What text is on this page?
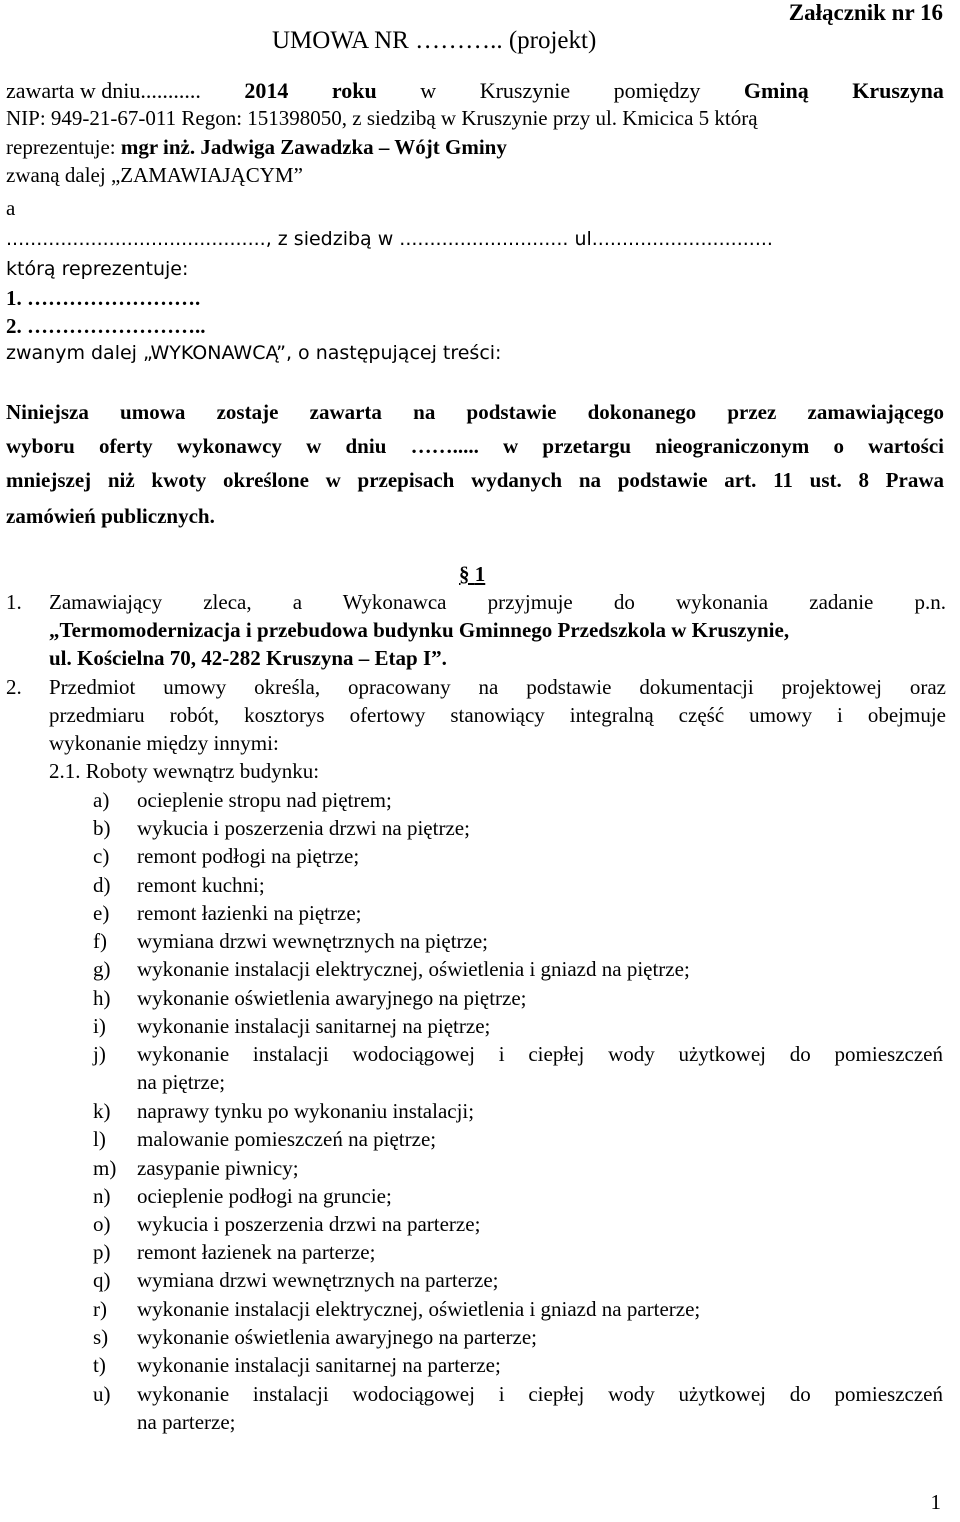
Załącznik nr 16
UMOWA NR ……….. (projekt)
zawarta w dniu........... 2014 roku w Kruszynie pomiędzy Gminą Kruszyna
NIP: 949-21-67-011 Regon: 151398050, z siedzibą w Kruszynie przy ul. Kmicica 5 którą
reprezentuje: mgr inż. Jadwiga Zawadzka – Wójt Gminy
zwaną dalej „ZAMAWIAJĄCYM”
a
..........................................., z siedzibą w ............................ ul..............................
którą reprezentuje:
1. …………………….
2. ……………………..
zwanym dalej „WYKONAWCĄ”, o następującej treści:
Niniejsza umowa zostaje zawarta na podstawie dokonanego przez zamawiającego
wyboru oferty wykonawcy w dniu ……..... w przetargu nieograniczonym o wartości
mniejszej niż kwoty określone w przepisach wydanych na podstawie art. 11 ust. 8 Prawa
zamówień publicznych.
§ 1
1. Zamawiający zleca, a Wykonawca przyjmuje do wykonania zadanie p.n.
„Termomodernizacja i przebudowa budynku Gminnego Przedszkola w Kruszynie,
ul. Kościelna 70, 42-282 Kruszyna – Etap I”.
2. Przedmiot umowy określa, opracowany na podstawie dokumentacji projektowej oraz
przedmiaru robót, kosztorys ofertowy stanowiący integralną część umowy i obejmuje
wykonanie między innymi:
2.1. Roboty wewnątrz budynku:
a) ocieplenie stropu nad piętrem;
b) wykucia i poszerzenia drzwi na piętrze;
c) remont podłogi na piętrze;
d) remont kuchni;
e) remont łazienki na piętrze;
f) wymiana drzwi wewnętrznych na piętrze;
g) wykonanie instalacji elektrycznej, oświetlenia i gniazd na piętrze;
h) wykonanie oświetlenia awaryjnego na piętrze;
i) wykonanie instalacji sanitarnej na piętrze;
j) wykonanie instalacji wodociągowej i ciepłej wody użytkowej do pomieszczeń
na piętrze;
k) naprawy tynku po wykonaniu instalacji;
l) malowanie pomieszczeń na piętrze;
m) zasypanie piwnicy;
n) ocieplenie podłogi na gruncie;
o) wykucia i poszerzenia drzwi na parterze;
p) remont łazienek na parterze;
q) wymiana drzwi wewnętrznych na parterze;
r) wykonanie instalacji elektrycznej, oświetlenia i gniazd na parterze;
s) wykonanie oświetlenia awaryjnego na parterze;
t) wykonanie instalacji sanitarnej na parterze;
u) wykonanie instalacji wodociągowej i ciepłej wody użytkowej do pomieszczeń
na parterze;
1
